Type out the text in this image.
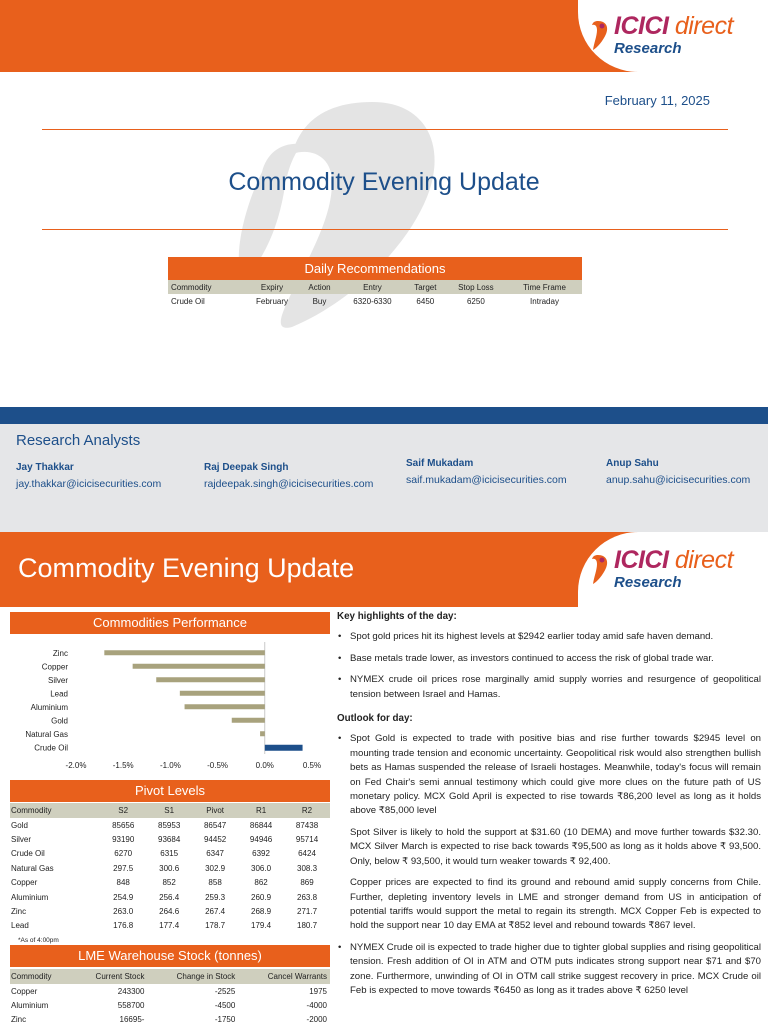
ICICI direct
Research
February 11, 2025
Commodity Evening Update
Daily Recommendations
Commodity	Expiry	Action	Entry	Target	Stop Loss	Time Frame
Crude Oil	February	Buy	6320-6330	6450	6250	Intraday
Research Analysts
Jay Thakkar
jay.thakkar@icicisecurities.com
Raj Deepak Singh
rajdeepak.singh@icicisecurities.com
Saif Mukadam
saif.mukadam@icicisecurities.com
Anup Sahu
anup.sahu@icicisecurities.com
Commodity Evening Update	ICICI direct
Research
Commodities Performance
Zinc
Copper
Silver
Lead
Aluminium
Gold
Natural Gas
Crude Oil
-2.0%	-1.5%	-1.0%	-0.5%	0.0%	0.5%
Pivot Levels
Commodity	S2	S1	Pivot	R1	R2
Gold	85656	85953	86547	86844	87438
Silver	93190	93684	94452	94946	95714
Crude Oil	6270	6315	6347	6392	6424
Natural Gas	297.5	300.6	302.9	306.0	308.3
Copper	848	852	858	862	869
Aluminium	254.9	256.4	259.3	260.9	263.8
Zinc	263.0	264.6	267.4	268.9	271.7
Lead	176.8	177.4	178.7	179.4	180.7
*As of 4:00pm
LME Warehouse Stock (tonnes)
Commodity	Current Stock	Change in Stock	Cancel Warrants
Copper	243300	-2525	1975
Aluminium	558700	-4500	-4000
Zinc	16695-	-1750	-2000
Key highlights of the day:
• Spot gold prices hit its highest levels at $2942 earlier today amid safe haven demand.
• Base metals trade lower, as investors continued to access the risk of global trade war.
• NYMEX crude oil prices rose marginally amid supply worries and resurgence of geopolitical tension between Israel and Hamas.
Outlook for day:
• Spot Gold is expected to trade with positive bias and rise further towards $2945 level on mounting trade tension and economic uncertainty. Geopolitical risk would also strengthen bullish bets as Hamas suspended the release of Israeli hostages. Meanwhile, today's focus will remain on Fed Chair's semi annual testimony which could give more clues on the future path of US monetary policy. MCX Gold April is expected to rise towards ₹86,200 level as long as it holds above ₹85,000 level

Spot Silver is likely to hold the support at $31.60 (10 DEMA) and move further towards $32.30. MCX Silver March is expected to rise back towards ₹95,500 as long as it holds above ₹ 93,500. Only, below ₹ 93,500, it would turn weaker towards ₹ 92,400.

Copper prices are expected to find its ground and rebound amid supply concerns from Chile. Further, depleting inventory levels in LME and stronger demand from US in anticipation of potential tariffs would support the metal to regain its strength. MCX Copper Feb is expected to hold the support near 10 day EMA at ₹852 level and rebound towards ₹867 level.

• NYMEX Crude oil is expected to trade higher due to tighter global supplies and rising geopolitical tension. Fresh addition of OI in ATM and OTM puts indicates strong support near $71 and $70 zone. Furthermore, unwinding of OI in OTM call strike suggest recovery in price. MCX Crude oil Feb is expected to move towards ₹6450 as long as it trades above ₹ 6250 level
